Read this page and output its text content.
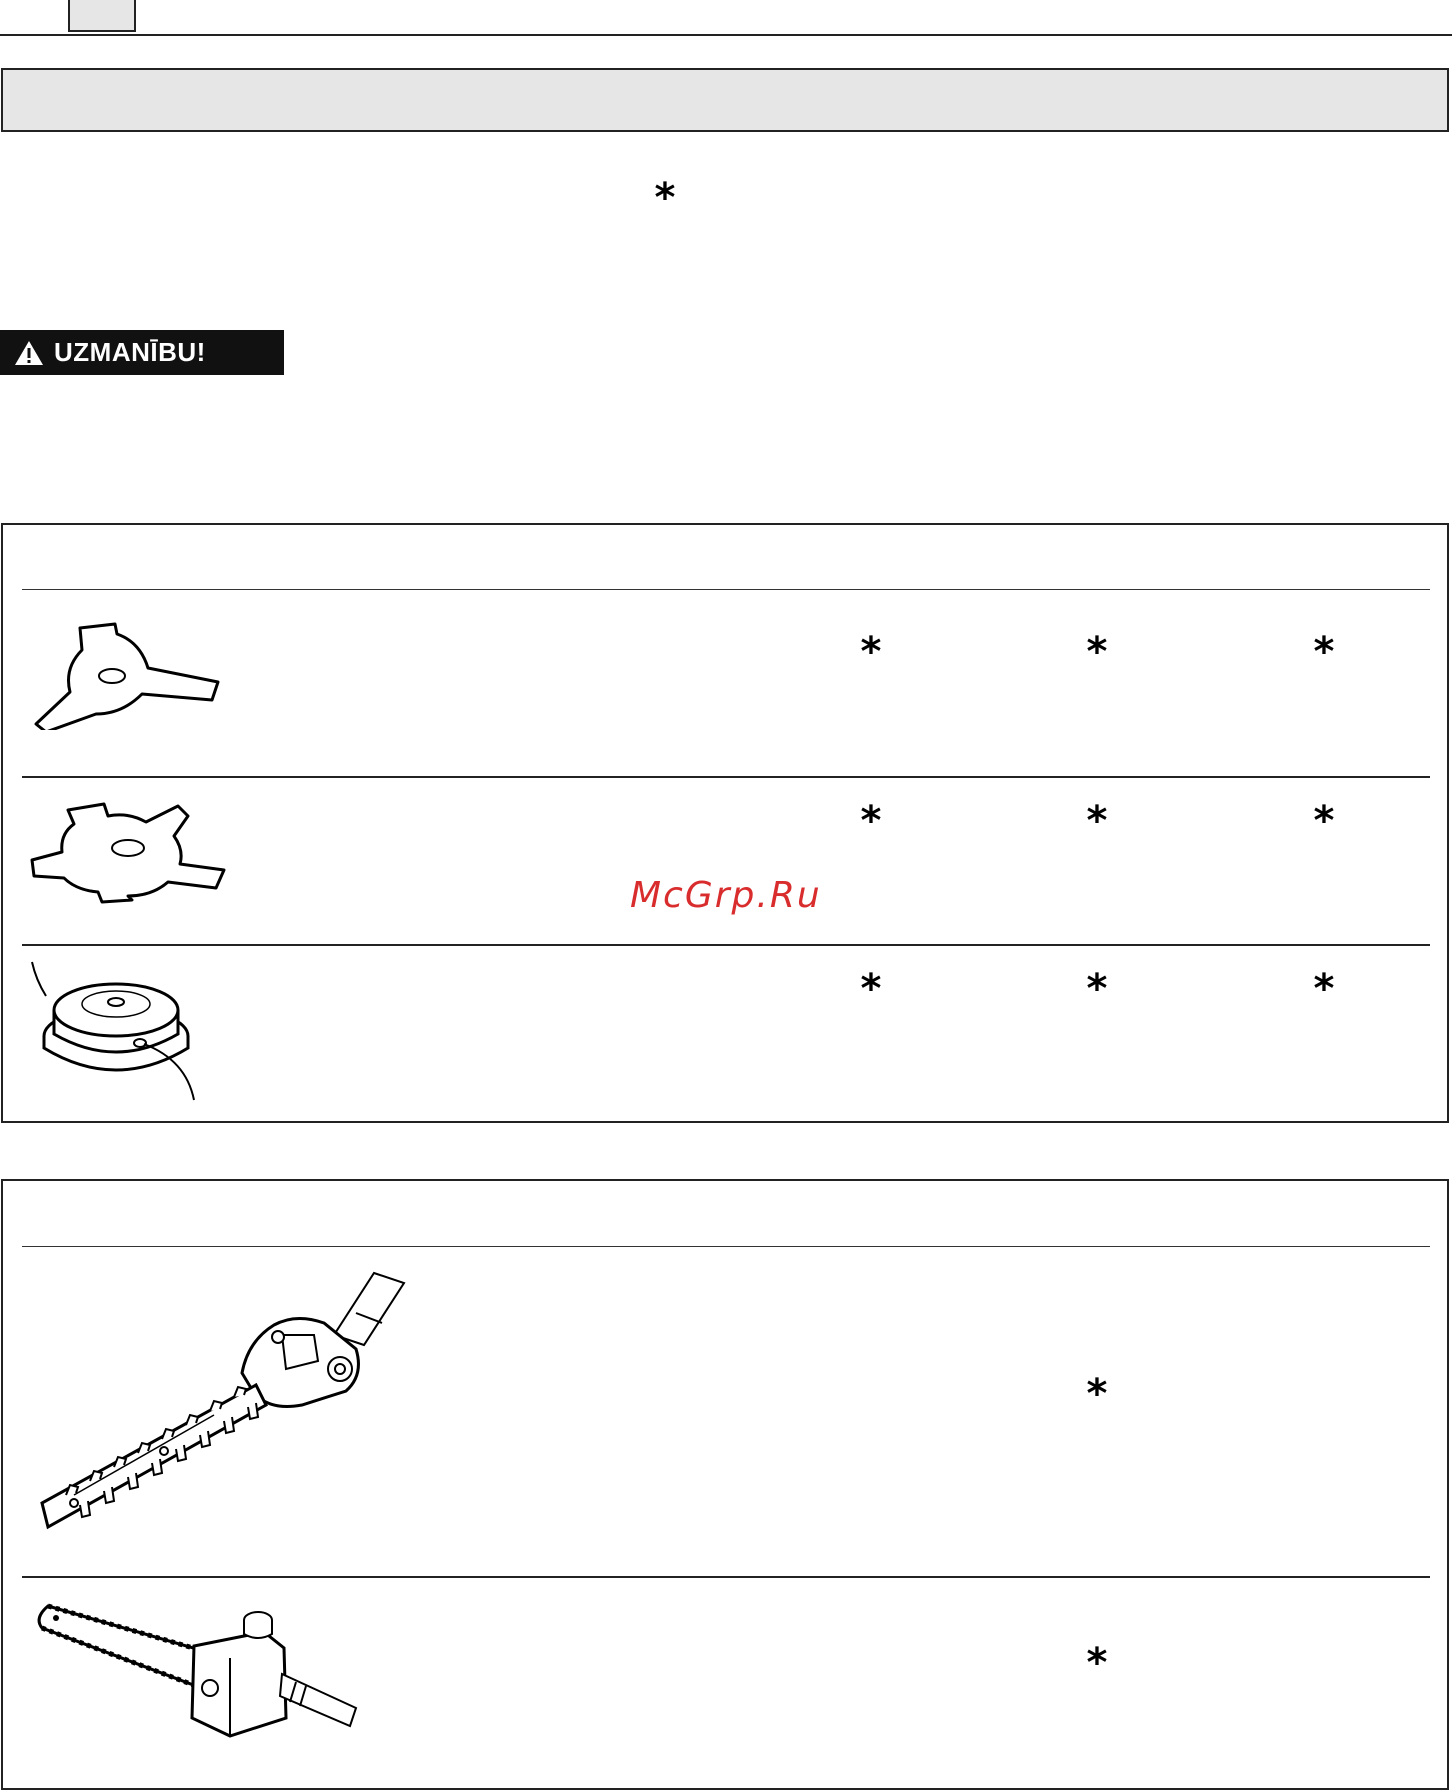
*
UZMANĪBU!
*	*	*
*	*	*
*	*	*
*
*
McGrp.Ru
